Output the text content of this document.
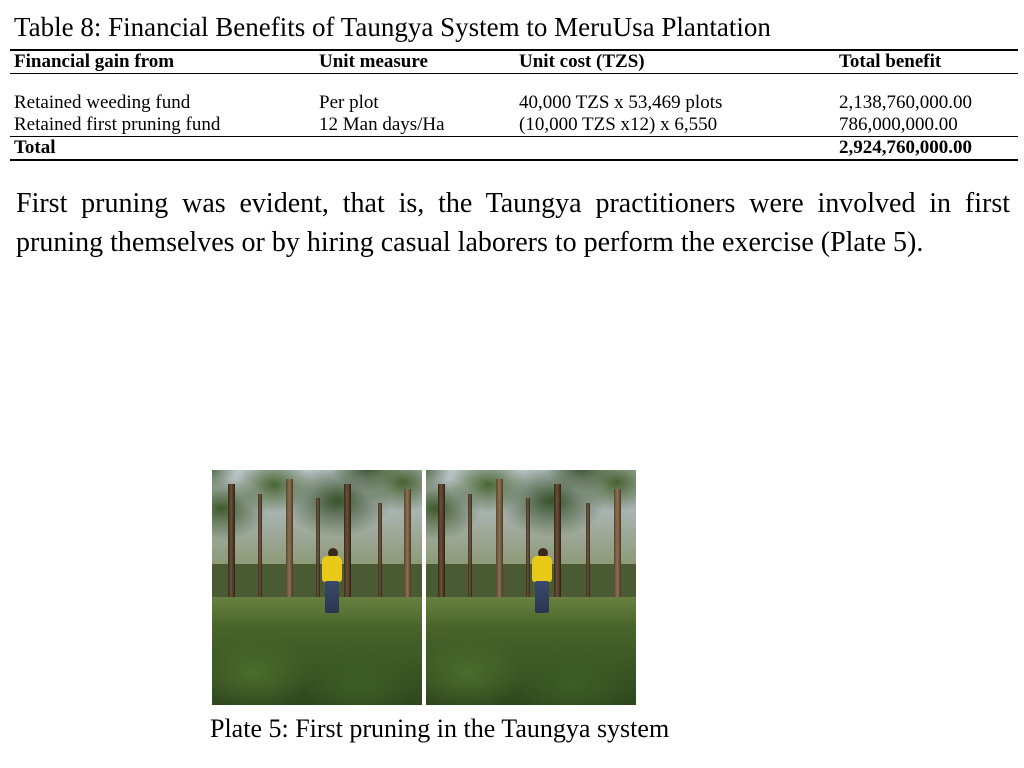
Table 8: Financial Benefits of Taungya System to MeruUsa Plantation
Financial gain from	Unit measure	Unit cost (TZS)	Total benefit
Retained weeding fund	Per plot	40,000 TZS x 53,469 plots	2,138,760,000.00
Retained first pruning fund	12 Man days/Ha	(10,000 TZS x12) x 6,550	786,000,000.00
Total			2,924,760,000.00

First pruning was evident, that is, the Taungya practitioners were involved in first pruning themselves or by hiring casual laborers to perform the exercise (Plate 5).

Plate 5: First pruning in the Taungya system
